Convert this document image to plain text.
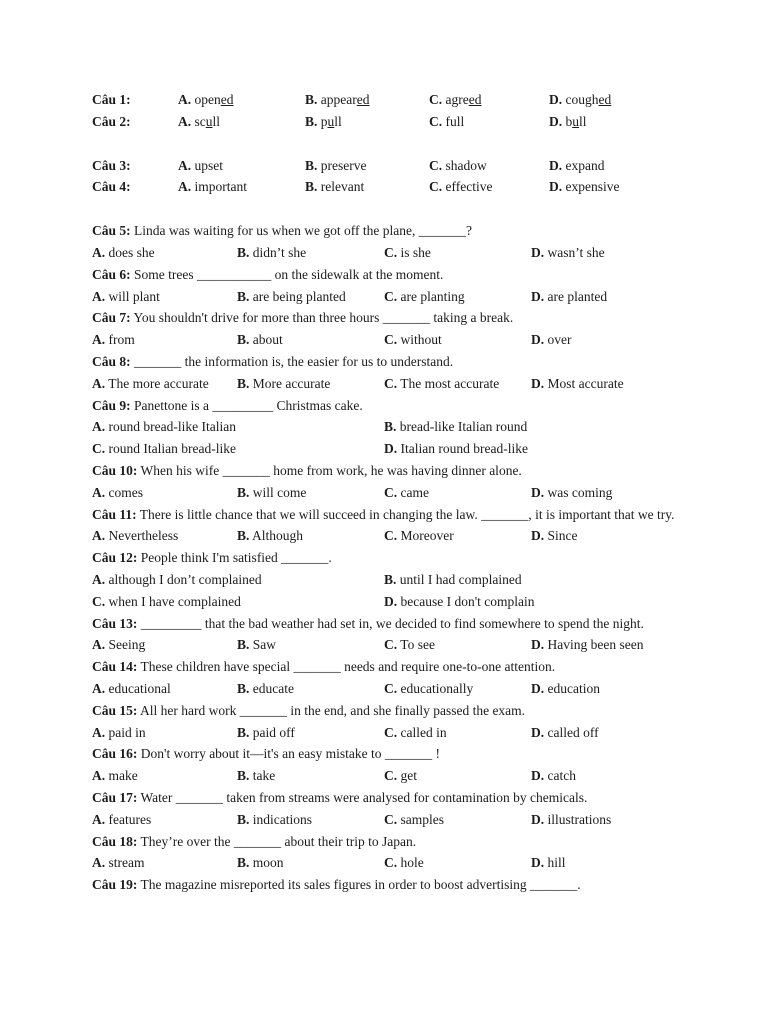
Câu 1:	A. opened	B. appeared	C. agreed	D. coughed
Câu 2:	A. scull	B. pull	C. full	D. bull
Câu 3:	A. upset	B. preserve	C. shadow	D. expand
Câu 4:	A. important	B. relevant	C. effective	D. expensive
Câu 5: Linda was waiting for us when we got off the plane, _______?
A. does she	B. didn’t she	C. is she	D. wasn’t she
Câu 6: Some trees ___________ on the sidewalk at the moment.
A. will plant	B. are being planted	C. are planting	D. are planted
Câu 7: You shouldn't drive for more than three hours _______ taking a break.
A. from	B. about	C. without	D. over
Câu 8: _______ the information is, the easier for us to understand.
A. The more accurate	B. More accurate	C. The most accurate	D. Most accurate
Câu 9: Panettone is a _________ Christmas cake.
A. round bread-like Italian	B. bread-like Italian round
C. round Italian bread-like	D. Italian round bread-like
Câu 10: When his wife _______ home from work, he was having dinner alone.
A. comes	B. will come	C. came	D. was coming
Câu 11: There is little chance that we will succeed in changing the law. _______, it is important that we try.
A. Nevertheless	B. Although	C. Moreover	D. Since
Câu 12: People think I'm satisfied _______.
A. although I don’t complained	B. until I had complained
C. when I have complained	D. because I don't complain
Câu 13: _________ that the bad weather had set in, we decided to find somewhere to spend the night.
A. Seeing	B. Saw	C. To see	D. Having been seen
Câu 14: These children have special _______ needs and require one-to-one attention.
A. educational	B. educate	C. educationally	D. education
Câu 15: All her hard work _______ in the end, and she finally passed the exam.
A. paid in	B. paid off	C. called in	D. called off
Câu 16: Don't worry about it—it's an easy mistake to _______ !
A. make	B. take	C. get	D. catch
Câu 17: Water _______ taken from streams were analysed for contamination by chemicals.
A. features	B. indications	C. samples	D. illustrations
Câu 18: They’re over the _______ about their trip to Japan.
A. stream	B. moon	C. hole	D. hill
Câu 19: The magazine misreported its sales figures in order to boost advertising _______.
